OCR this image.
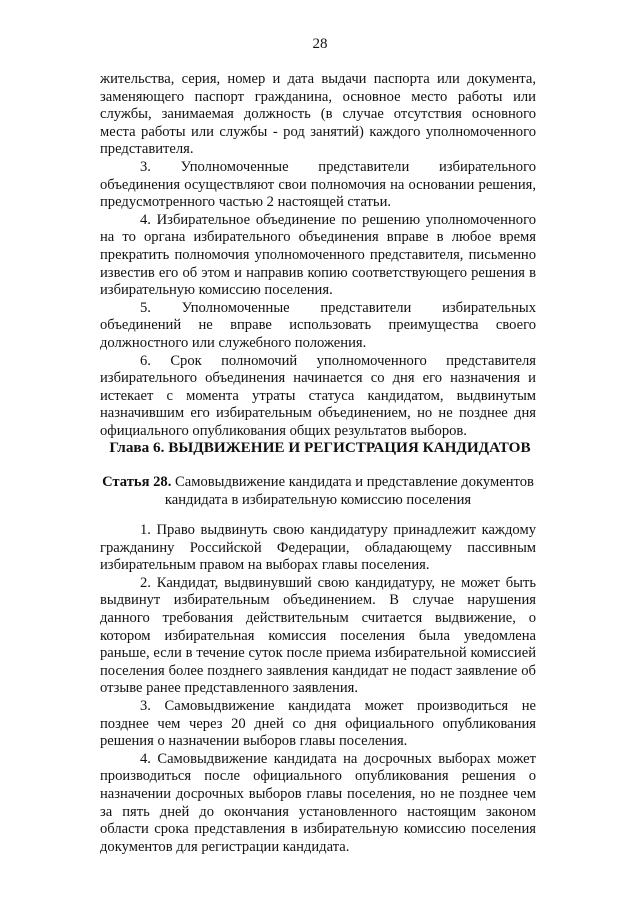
28

жительства, серия, номер и дата выдачи паспорта или документа, заменяющего паспорт гражданина, основное место работы или службы, занимаемая должность (в случае отсутствия основного места работы или службы - род занятий) каждого уполномоченного представителя.

3. Уполномоченные представители избирательного объединения осуществляют свои полномочия на основании решения, предусмотренного частью 2 настоящей статьи.

4. Избирательное объединение по решению уполномоченного на то органа избирательного объединения вправе в любое время прекратить полномочия уполномоченного представителя, письменно известив его об этом и направив копию соответствующего решения в избирательную комиссию поселения.

5. Уполномоченные представители избирательных объединений не вправе использовать преимущества своего должностного или служебного положения.

6. Срок полномочий уполномоченного представителя избирательного объединения начинается со дня его назначения и истекает с момента утраты статуса кандидатом, выдвинутым назначившим его избирательным объединением, но не позднее дня официального опубликования общих результатов выборов.

Глава 6. ВЫДВИЖЕНИЕ И РЕГИСТРАЦИЯ КАНДИДАТОВ
Статья 28. Самовыдвижение кандидата и представление документов кандидата в избирательную комиссию поселения

1. Право выдвинуть свою кандидатуру принадлежит каждому гражданину Российской Федерации, обладающему пассивным избирательным правом на выборах главы поселения.

2. Кандидат, выдвинувший свою кандидатуру, не может быть выдвинут избирательным объединением. В случае нарушения данного требования действительным считается выдвижение, о котором избирательная комиссия поселения была уведомлена раньше, если в течение суток после приема избирательной комиссией поселения более позднего заявления кандидат не подаст заявление об отзыве ранее представленного заявления.

3. Самовыдвижение кандидата может производиться не позднее чем через 20 дней со дня официального опубликования решения о назначении выборов главы поселения.

4. Самовыдвижение кандидата на досрочных выборах может производиться после официального опубликования решения о назначении досрочных выборов главы поселения, но не позднее чем за пять дней до окончания установленного настоящим законом области срока представления в избирательную комиссию поселения документов для регистрации кандидата.
